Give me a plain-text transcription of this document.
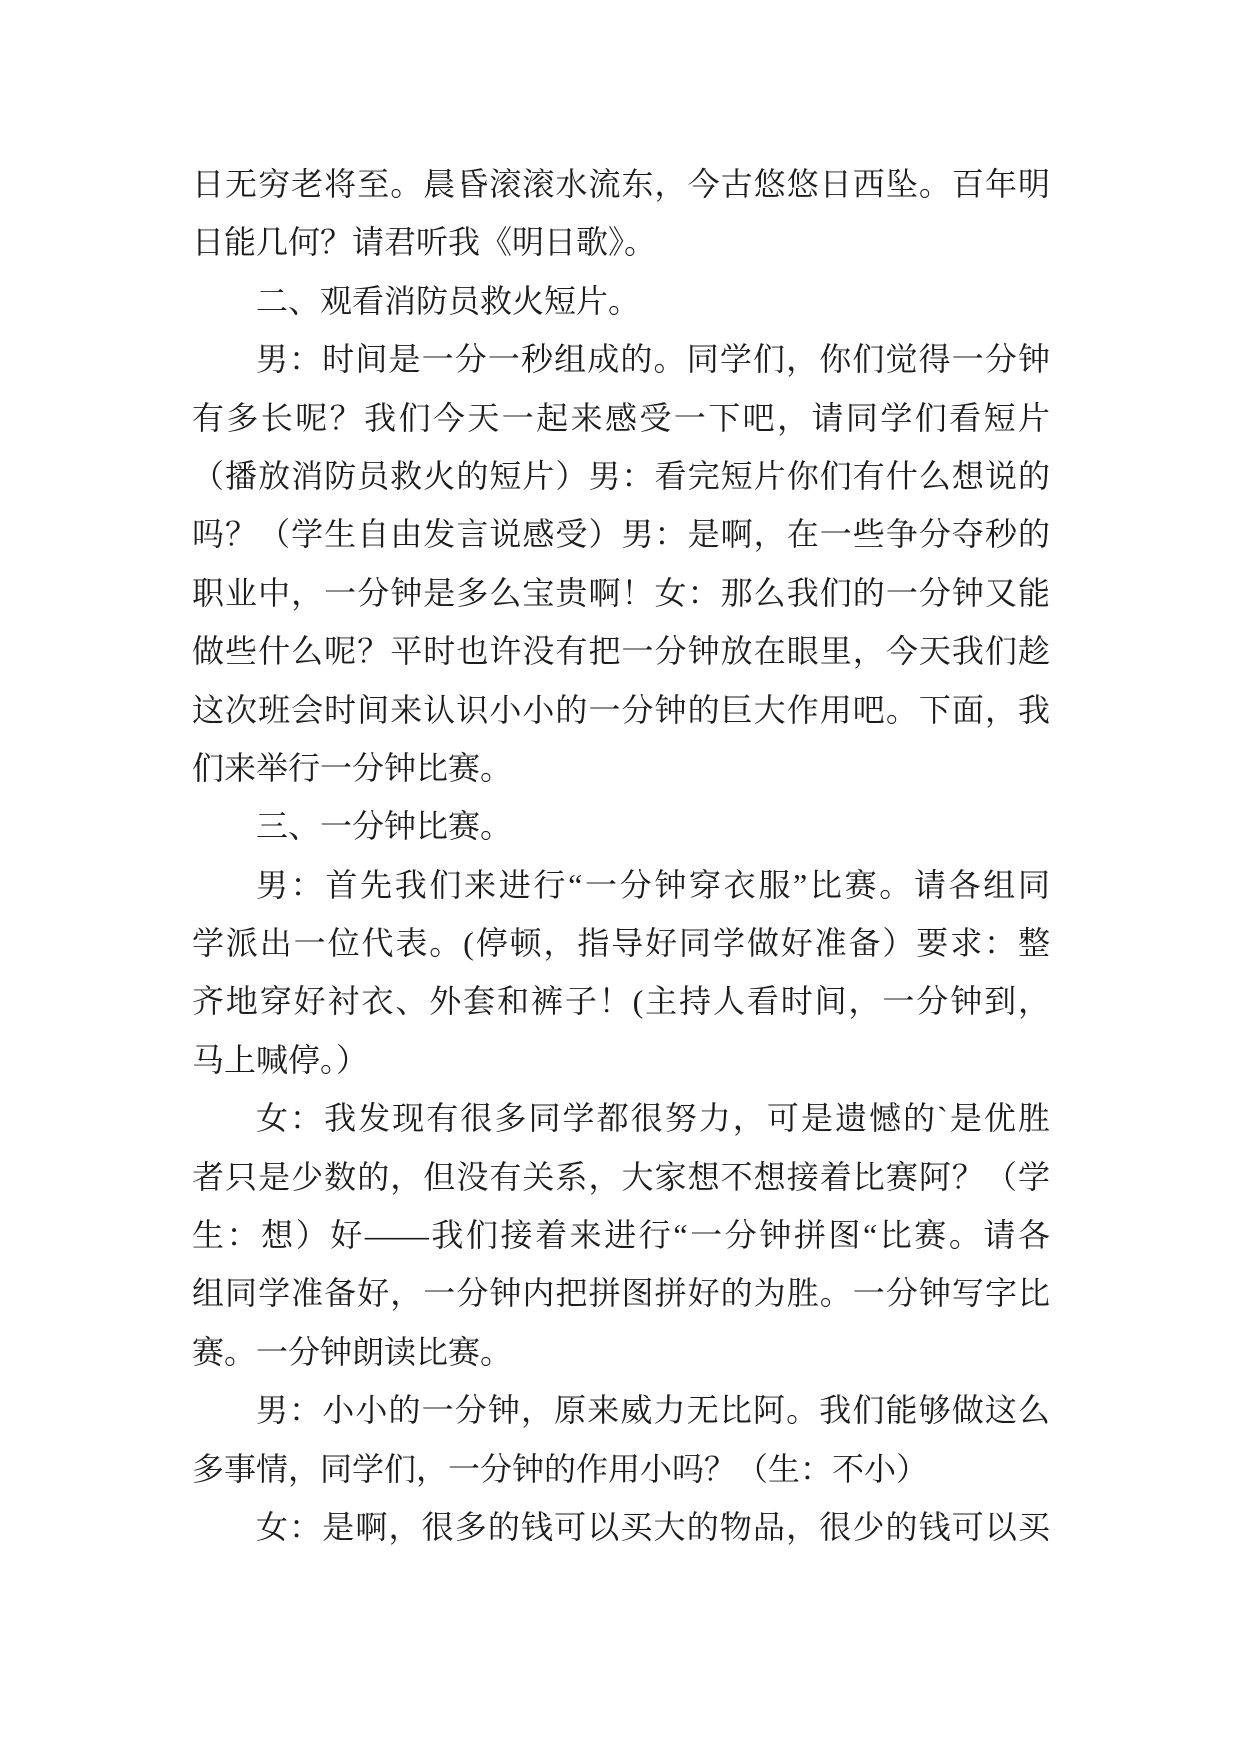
日无穷老将至。晨昏滚滚水流东，今古悠悠日西坠。百年明
日能几何？请君听我《明日歌》。
二、观看消防员救火短片。
男：时间是一分一秒组成的。同学们，你们觉得一分钟
有多长呢？我们今天一起来感受一下吧，请同学们看短片
（播放消防员救火的短片）男：看完短片你们有什么想说的
吗？（学生自由发言说感受）男：是啊，在一些争分夺秒的
职业中，一分钟是多么宝贵啊！女：那么我们的一分钟又能
做些什么呢？平时也许没有把一分钟放在眼里，今天我们趁
这次班会时间来认识小小的一分钟的巨大作用吧。下面，我
们来举行一分钟比赛。
三、一分钟比赛。
男：首先我们来进行“一分钟穿衣服”比赛。请各组同
学派出一位代表。(停顿，指导好同学做好准备）要求：整
齐地穿好衬衣、外套和裤子！(主持人看时间，一分钟到，
马上喊停。）
女：我发现有很多同学都很努力，可是遗憾的`是优胜
者只是少数的，但没有关系，大家想不想接着比赛阿？（学
生：想）好——我们接着来进行“一分钟拼图“比赛。请各
组同学准备好，一分钟内把拼图拼好的为胜。一分钟写字比
赛。一分钟朗读比赛。
男：小小的一分钟，原来威力无比阿。我们能够做这么
多事情，同学们，一分钟的作用小吗？（生：不小）
女：是啊，很多的钱可以买大的物品，很少的钱可以买
